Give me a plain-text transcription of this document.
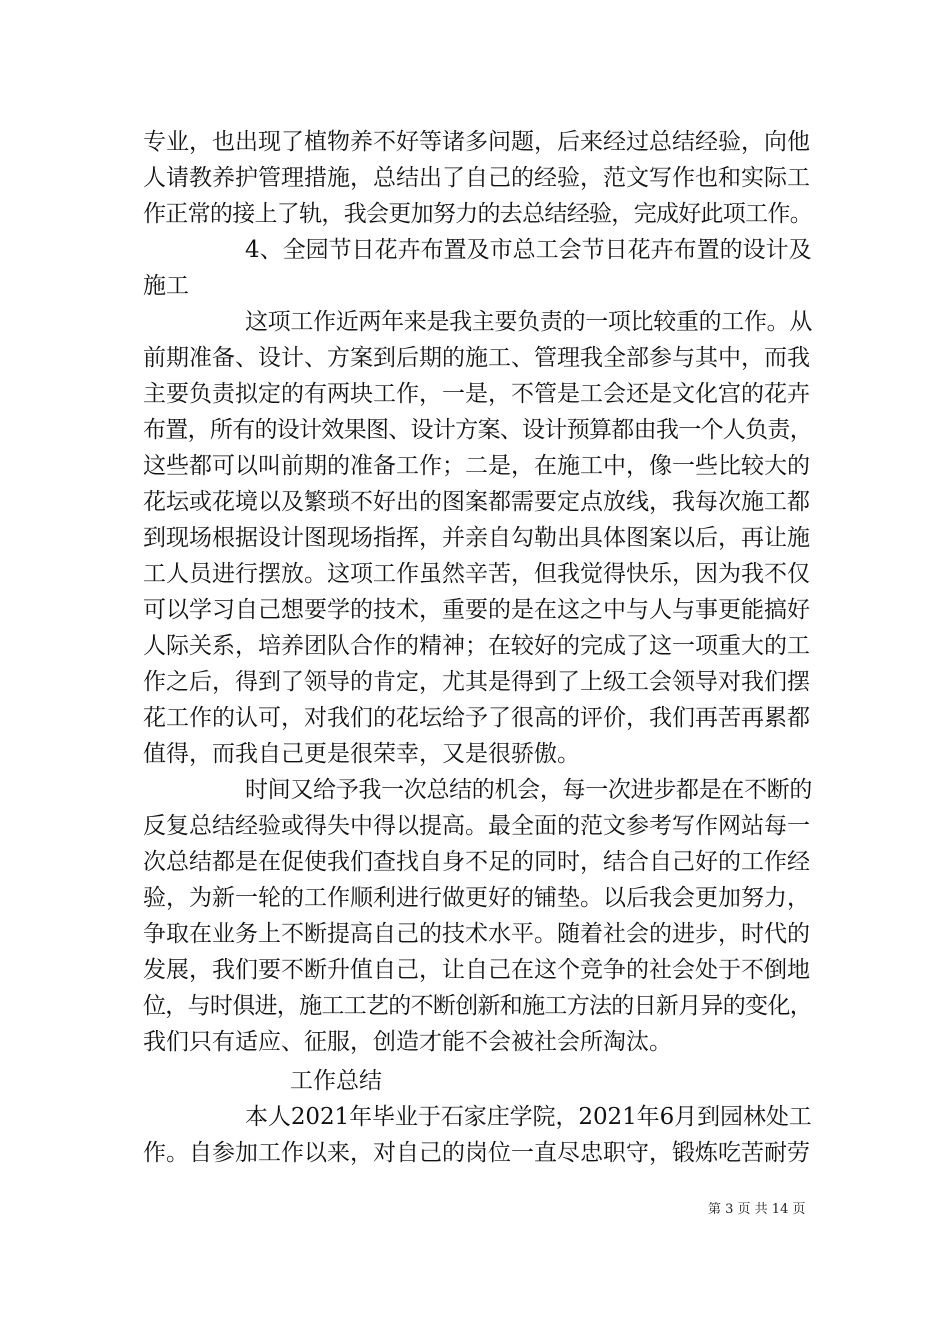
专业，也出现了植物养不好等诸多问题，后来经过总结经验，向他
人请教养护管理措施，总结出了自己的经验，范文写作也和实际工
作正常的接上了轨，我会更加努力的去总结经验，完成好此项工作。
4、全园节日花卉布置及市总工会节日花卉布置的设计及
施工
这项工作近两年来是我主要负责的一项比较重的工作。从
前期准备、设计、方案到后期的施工、管理我全部参与其中，而我
主要负责拟定的有两块工作，一是，不管是工会还是文化宫的花卉
布置，所有的设计效果图、设计方案、设计预算都由我一个人负责，
这些都可以叫前期的准备工作；二是，在施工中，像一些比较大的
花坛或花境以及繁琐不好出的图案都需要定点放线，我每次施工都
到现场根据设计图现场指挥，并亲自勾勒出具体图案以后，再让施
工人员进行摆放。这项工作虽然辛苦，但我觉得快乐，因为我不仅
可以学习自己想要学的技术，重要的是在这之中与人与事更能搞好
人际关系，培养团队合作的精神；在较好的完成了这一项重大的工
作之后，得到了领导的肯定，尤其是得到了上级工会领导对我们摆
花工作的认可，对我们的花坛给予了很高的评价，我们再苦再累都
值得，而我自己更是很荣幸，又是很骄傲。
时间又给予我一次总结的机会，每一次进步都是在不断的
反复总结经验或得失中得以提高。最全面的范文参考写作网站每一
次总结都是在促使我们查找自身不足的同时，结合自己好的工作经
验，为新一轮的工作顺利进行做更好的铺垫。以后我会更加努力，
争取在业务上不断提高自己的技术水平。随着社会的进步，时代的
发展，我们要不断升值自己，让自己在这个竞争的社会处于不倒地
位，与时俱进，施工工艺的不断创新和施工方法的日新月异的变化，
我们只有适应、征服，创造才能不会被社会所淘汰。
工作总结
本人2021年毕业于石家庄学院，2021年6月到园林处工
作。自参加工作以来，对自己的岗位一直尽忠职守，锻炼吃苦耐劳
第 3 页 共 14 页
